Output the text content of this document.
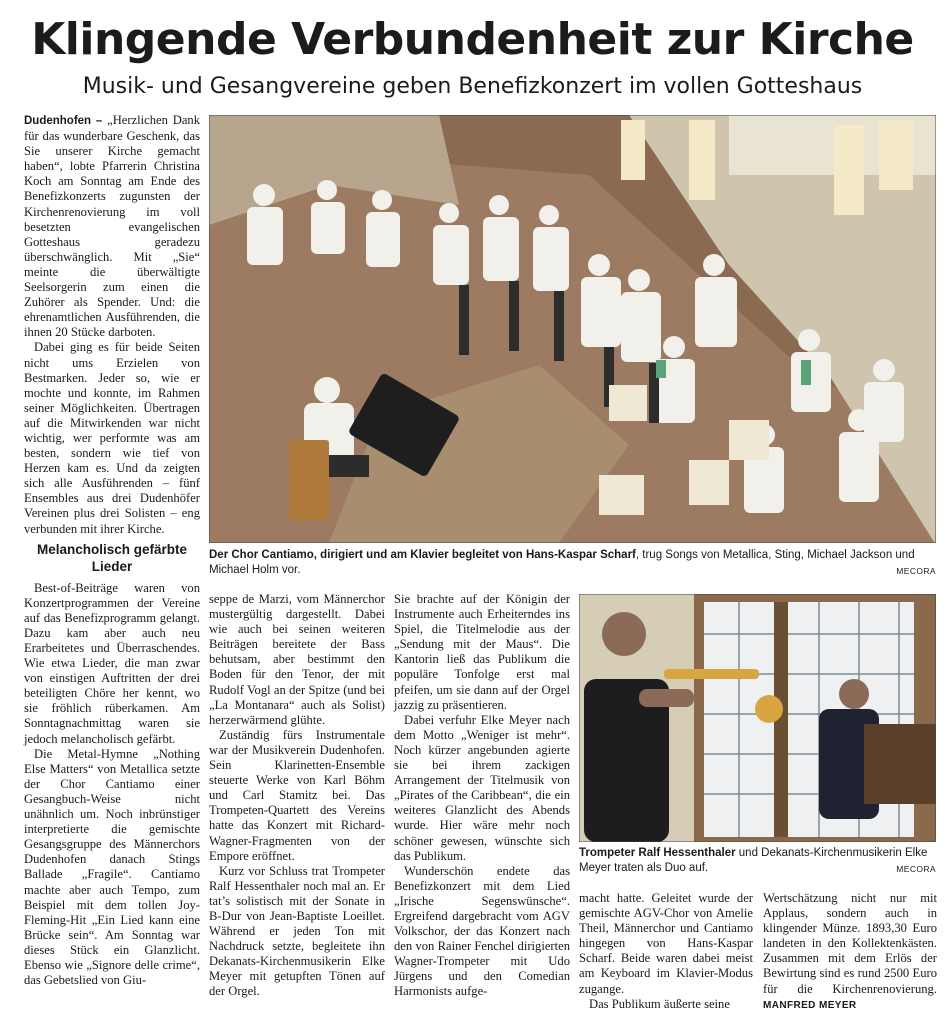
Klingende Verbundenheit zur Kirche
Musik- und Gesangvereine geben Benefizkonzert im vollen Gotteshaus

Dudenhofen – „Herzlichen Dank für das wunderbare Geschenk, das Sie unserer Kirche gemacht haben“, lobte Pfarrerin Christina Koch am Sonntag am Ende des Benefizkonzerts zugunsten der Kirchenrenovierung im voll besetzten evangelischen Gotteshaus geradezu überschwänglich. Mit „Sie“ meinte die überwältigte Seelsorgerin zum einen die Zuhörer als Spender. Und: die ehrenamtlichen Ausführenden, die ihnen 20 Stücke darboten.

Dabei ging es für beide Seiten nicht ums Erzielen von Bestmarken. Jeder so, wie er mochte und konnte, im Rahmen seiner Möglichkeiten. Übertragen auf die Mitwirkenden war nicht wichtig, wer performte was am besten, sondern wie tief von Herzen kam es. Und da zeigten sich alle Ausführenden – fünf Ensembles aus drei Dudenhöfer Vereinen plus drei Solisten – eng verbunden mit ihrer Kirche.

Melancholisch gefärbte Lieder

Best-of-Beiträge waren von Konzertprogrammen der Vereine auf das Benefizprogramm gelangt. Dazu kam aber auch neu Erarbeitetes und Überraschendes. Wie etwa Lieder, die man zwar von einstigen Auftritten der drei beteiligten Chöre her kennt, wo sie fröhlich rüberkamen. Am Sonntagnachmittag waren sie jedoch melancholisch gefärbt.

Die Metal-Hymne „Nothing Else Matters“ von Metallica setzte der Chor Cantiamo einer Gesangbuch-Weise nicht unähnlich um. Noch inbrünstiger interpretierte die gemischte Gesangsgruppe des Männerchors Dudenhofen danach Stings Ballade „Fragile“. Cantiamo machte aber auch Tempo, zum Beispiel mit dem tollen Joy-Fleming-Hit „Ein Lied kann eine Brücke sein“. Am Sonntag war dieses Stück ein Glanzlicht. Ebenso wie „Signore delle crime“, das Gebetslied von Giu-

Der Chor Cantiamo, dirigiert und am Klavier begleitet von Hans-Kaspar Scharf, trug Songs von Metallica, Sting, Michael Jackson und Michael Holm vor.	MECORA

seppe de Marzi, vom Männerchor mustergültig dargestellt. Dabei wie auch bei seinen weiteren Beiträgen bereitete der Bass behutsam, aber bestimmt den Boden für den Tenor, der mit Rudolf Vogl an der Spitze (und bei „La Montanara“ auch als Solist) herzerwärmend glühte.

Zuständig fürs Instrumentale war der Musikverein Dudenhofen. Sein Klarinetten-Ensemble steuerte Werke von Karl Böhm und Carl Stamitz bei. Das Trompeten-Quartett des Vereins hatte das Konzert mit Richard-Wagner-Fragmenten von der Empore eröffnet.

Kurz vor Schluss trat Trompeter Ralf Hessenthaler noch mal an. Er tat’s solistisch mit der Sonate in B-Dur von Jean-Baptiste Loeillet. Während er jeden Ton mit Nachdruck setzte, begleitete ihn Dekanats-Kirchenmusikerin Elke Meyer mit getupften Tönen auf der Orgel.

Sie brachte auf der Königin der Instrumente auch Erheiterndes ins Spiel, die Titelmelodie aus der „Sendung mit der Maus“. Die Kantorin ließ das Publikum die populäre Tonfolge erst mal pfeifen, um sie dann auf der Orgel jazzig zu präsentieren.

Dabei verfuhr Elke Meyer nach dem Motto „Weniger ist mehr“. Noch kürzer angebunden agierte sie bei ihrem zackigen Arrangement der Titelmusik von „Pirates of the Caribbean“, die ein weiteres Glanzlicht des Abends wurde. Hier wäre mehr noch schöner gewesen, wünschte sich das Publikum.

Wunderschön endete das Benefizkonzert mit dem Lied „Irische Segenswünsche“. Ergreifend dargebracht vom AGV Volkschor, der das Konzert nach den von Rainer Fenchel dirigierten Wagner-Trompeter mit Udo Jürgens und den Comedian Harmonists aufge-

Trompeter Ralf Hessenthaler und Dekanats-Kirchenmusikerin Elke Meyer traten als Duo auf.	MECORA

macht hatte. Geleitet wurde der gemischte AGV-Chor von Amelie Theil, Männerchor und Cantiamo hingegen von Hans-Kaspar Scharf. Beide waren dabei meist am Keyboard im Klavier-Modus zugange.

Das Publikum äußerte seine

Wertschätzung nicht nur mit Applaus, sondern auch in klingender Münze. 1893,30 Euro landeten in den Kollektenkästen. Zusammen mit dem Erlös der Bewirtung sind es rund 2500 Euro für die Kirchenrenovierung. MANFRED MEYER
